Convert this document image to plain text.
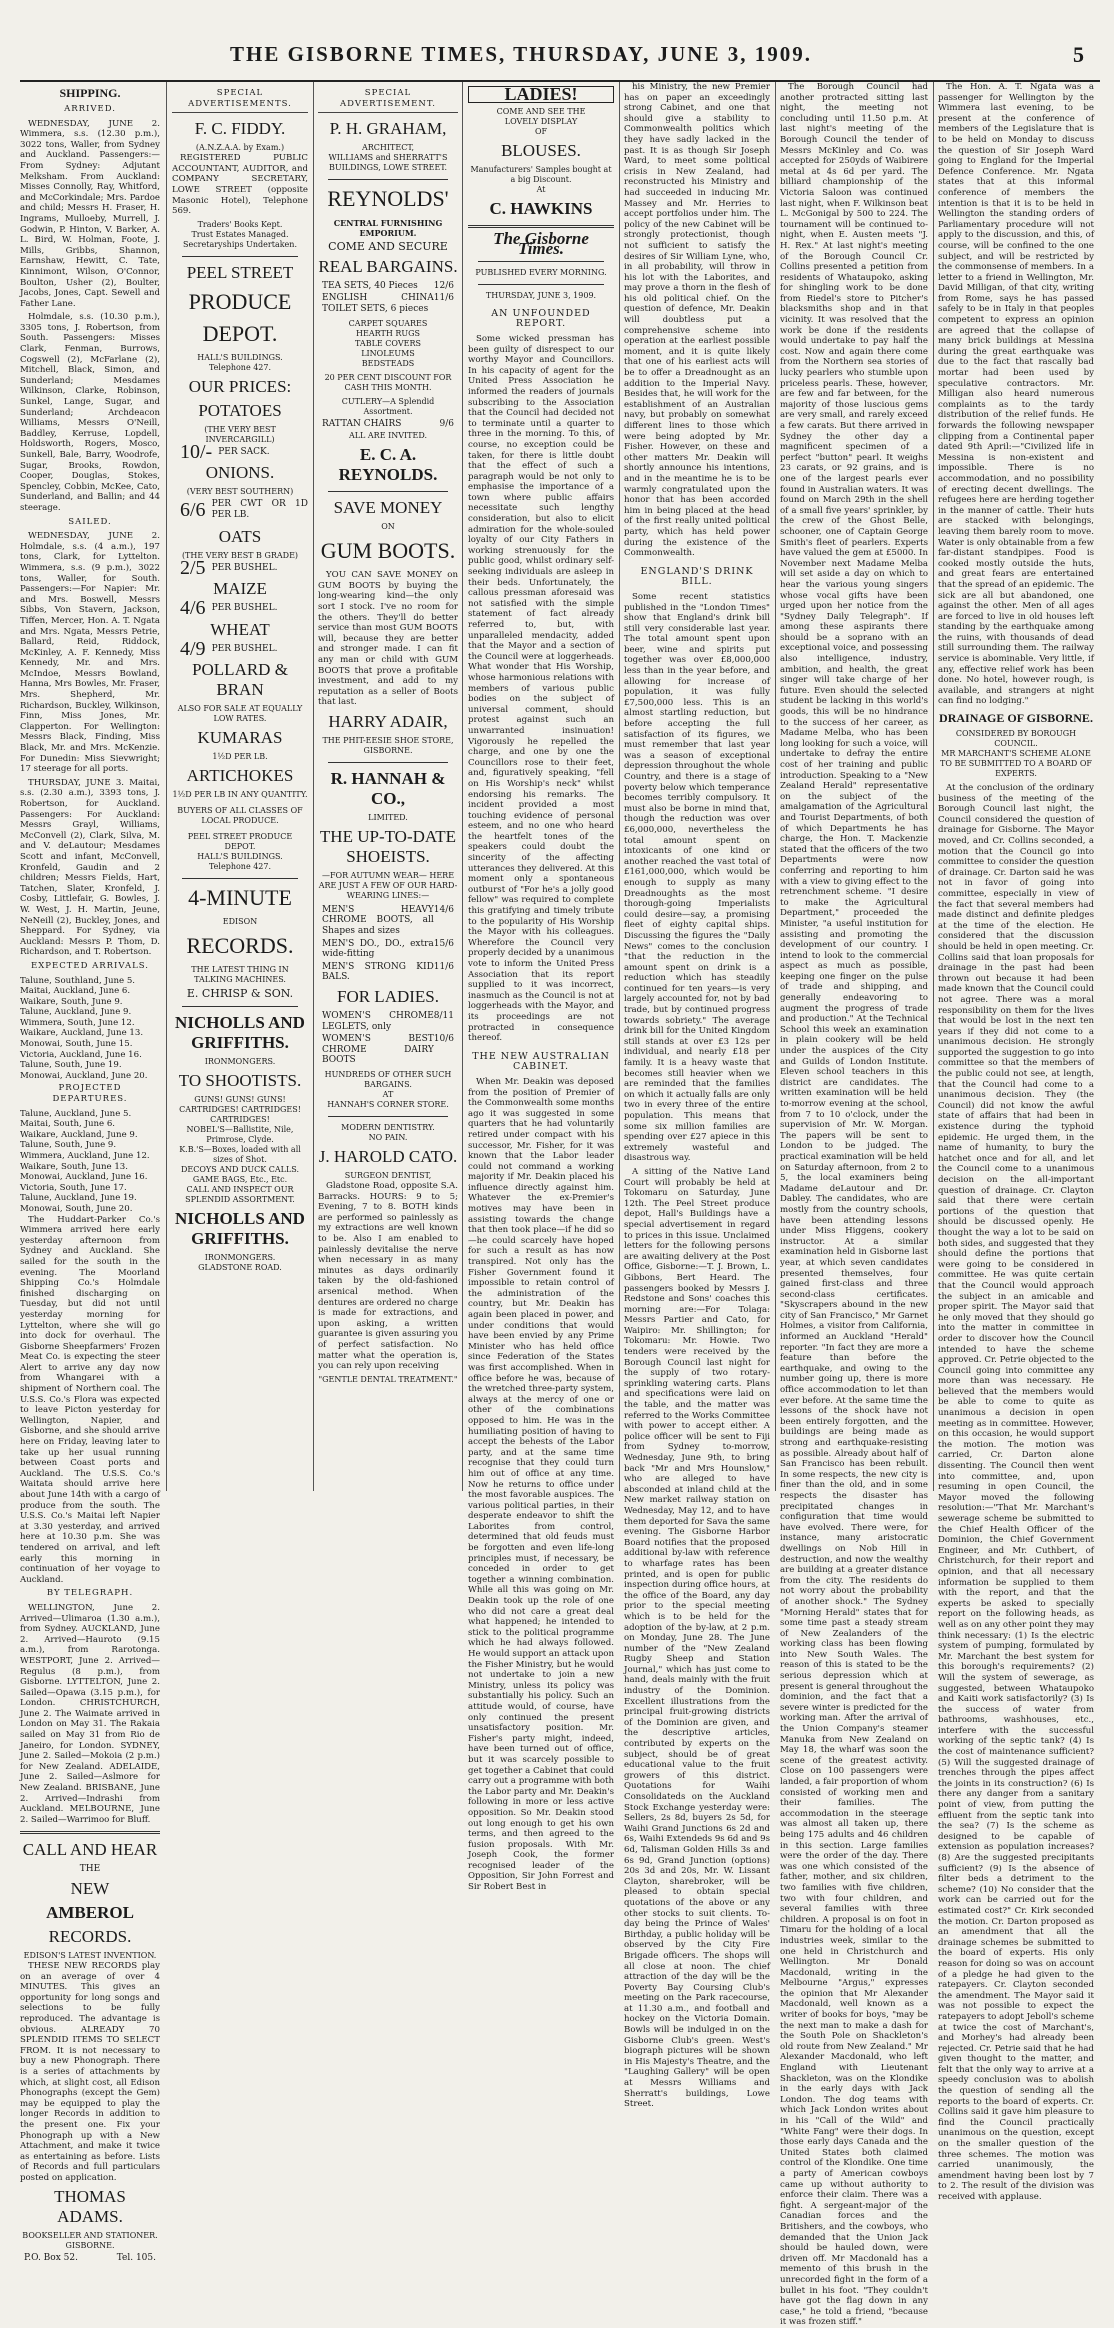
THE GISBORNE TIMES, THURSDAY, JUNE 3, 1909.	5
SHIPPING.
ARRIVED.

WEDNESDAY, JUNE 2. Wimmera, s.s. (12.30 p.m.), 3022 tons, Waller, from Sydney and Auckland. Passengers:—From Sydney: Adjutant Melksham. From Auckland: Misses Connolly, Ray, Whitford, and McCorkindale; Mrs. Pardoe and child; Messrs H. Fraser, H. Ingrams, Mulloeby, Murrell, J. Godwin, P. Hinton, V. Barker, A. L. Bird, W. Holman, Foote, J. Mills, Gribbs, Shannon, Earnshaw, Hewitt, C. Tate, Kinnimont, Wilson, O'Connor, Boulton, Usher (2), Boulter, Jacobs, Jones, Capt. Sewell and Father Lane.

Holmdale, s.s. (10.30 p.m.), 3305 tons, J. Robertson, from South. Passengers: Misses Clark, Fenman, Burrows, Cogswell (2), McFarlane (2), Mitchell, Black, Simon, and Sunderland; Mesdames Wilkinson, Clarke, Robinson, Sunkel, Lange, Sugar, and Sunderland; Archdeacon Williams, Messrs O'Neill, Baddley, Kerruse, Lopdell, Holdsworth, Rogers, Mosco, Sunkell, Bale, Barry, Woodrofe, Sugar, Brooks, Rowdon, Cooper, Douglas, Stokes, Spencley, Cobbin, McKee, Cato, Sunderland, and Ballin; and 44 steerage.

SAILED.

WEDNESDAY, JUNE 2. Holmdale, s.s. (4 a.m.), 197 tons, Clark, for Lyttelton. Wimmera, s.s. (9 p.m.), 3022 tons, Waller, for South. Passengers:—For Napier: Mr. and Mrs. Boswell, Messrs Sibbs, Von Stavern, Jackson, Tiffen, Mercer, Hon. A. T. Ngata and Mrs. Ngata, Messrs Petrie, Ballard, Reid, Riddock, McKinley, A. F. Kennedy, Miss Kennedy, Mr. and Mrs. McIndoe, Messrs Bowland, Hanna, Mrs Bowles, Mr. Fraser, Mrs. Shepherd, Mr. Richardson, Buckley, Wilkinson, Finn, Miss Jones, Mr. Clapperton. For Wellington: Messrs Black, Finding, Miss Black, Mr. and Mrs. McKenzie. For Dunedin: Miss Sievwright; 17 steerage for all ports.

THURSDAY, JUNE 3. Maitai, s.s. (2.30 a.m.), 3393 tons, J. Robertson, for Auckland. Passengers: For Auckland: Messrs Grayl, Williams, McConvell (2), Clark, Silva, M. and V. deLautour; Mesdames Scott and infant, McConvell, Kronfeld, Gaudin and 2 children; Messrs Fields, Hart, Tatchen, Slater, Kronfeld, J. Cosby, Littlefair, G. Bowles, J. W. West, J. H. Martin, Jeune, NeNeill (2), Buckley, Jones, and Sheppard. For Sydney, via Auckland: Messrs P. Thom, D. Richardson, and T. Robertson.

EXPECTED ARRIVALS.
Talune, Southland, June 5.
Maitai, Auckland, June 6.
Waikare, South, June 9.
Talune, Auckland, June 9.
Wimmera, South, June 12.
Waikare, Auckland, June 13.
Monowai, South, June 15.
Victoria, Auckland, June 16.
Talune, South, June 19.
Monowai, Auckland, June 20.
PROJECTED DEPARTURES.
Talune, Auckland, June 5.
Maitai, South, June 6.
Waikare, Auckland, June 9.
Talune, South, June 9.
Wimmera, Auckland, June 12.
Waikare, South, June 13.
Monowai, Auckland, June 16.
Victoria, South, June 17.
Talune, Auckland, June 19.
Monowai, South, June 20.

The Huddart-Parker Co.'s Wimmera arrived here early yesterday afternoon from Sydney and Auckland. She sailed for the south in the evening. The Moorland Shipping Co.'s Holmdale finished discharging on Tuesday, but did not until yesterday morning for Lyttelton, where she will go into dock for overhaul. The Gisborne Sheepfarmers' Frozen Meat Co. is expecting the steer Alert to arrive any day now from Whangarei with a shipment of Northern coal. The U.S.S. Co.'s Flora was expected to leave Picton yesterday for Wellington, Napier, and Gisborne, and she should arrive here on Friday, leaving later to take up her usual running between Coast ports and Auckland. The U.S.S. Co.'s Waitata should arrive here about June 14th with a cargo of produce from the south. The U.S.S. Co.'s Maitai left Napier at 3.30 yesterday, and arrived here at 10.30 p.m. She was tendered on arrival, and left early this morning in continuation of her voyage to Auckland.

BY TELEGRAPH.

WELLINGTON, June 2. Arrived—Ulimaroa (1.30 a.m.), from Sydney. AUCKLAND, June 2. Arrived—Hauroto (9.15 a.m.), from Rarotonga. WESTPORT, June 2. Arrived—Regulus (8 p.m.), from Gisborne. LYTTELTON, June 2. Sailed—Opawa (3.15 p.m.), for London. CHRISTCHURCH, June 2. The Waimate arrived in London on May 31. The Rakaia sailed on May 31 from Rio de Janeiro, for London. SYDNEY, June 2. Sailed—Mokoia (2 p.m.) for New Zealand. ADELAIDE, June 2. Sailed—Aslmore for New Zealand. BRISBANE, June 2. Arrived—Indrashi from Auckland. MELBOURNE, June 2. Sailed—Warrimoo for Bluff.

CALL AND HEAR
THE
NEW
AMBEROL
RECORDS.
EDISON'S LATEST INVENTION.

THESE NEW RECORDS play on an average of over 4 MINUTES. This gives an opportunity for long songs and selections to be fully reproduced. The advantage is obvious. ALREADY 70 SPLENDID ITEMS TO SELECT FROM. It is not necessary to buy a new Phonograph. There is a series of attachments by which, at slight cost, all Edison Phonographs (except the Gem) may be equipped to play the longer Records in addition to the present one. Fix your Phonograph up with a New Attachment, and make it twice as entertaining as before. Lists of Records and full particulars posted on application.

THOMAS ADAMS.
BOOKSELLER AND STATIONER.
GISBORNE.
P.O. Box 52.	Tel. 105.
SPECIAL ADVERTISEMENTS.
F. C. FIDDY.
(A.N.Z.A.A. by Exam.)

REGISTERED PUBLIC ACCOUNTANT, AUDITOR, and COMPANY SECRETARY, LOWE STREET (opposite Masonic Hotel), Telephone 569.

Traders' Books Kept.
Trust Estates Managed.
Secretaryships Undertaken.
PEEL STREET
PRODUCE
DEPOT.
HALL'S BUILDINGS.
Telephone 427.
OUR PRICES:
POTATOES
(THE VERY BEST INVERCARGILL)
10/- PER SACK.
ONIONS.
(VERY BEST SOUTHERN)
6/6 PER CWT OR 1D PER LB.
OATS
(THE VERY BEST B GRADE)
2/5 PER BUSHEL.
MAIZE
4/6 PER BUSHEL.
WHEAT
4/9 PER BUSHEL.
POLLARD & BRAN
ALSO FOR SALE AT EQUALLY LOW RATES.
KUMARAS
1½D PER LB.
ARTICHOKES
1½D PER LB IN ANY QUANTITY.
BUYERS OF ALL CLASSES OF LOCAL PRODUCE.
PEEL STREET PRODUCE DEPOT.
HALL'S BUILDINGS.
Telephone 427.
4-MINUTE
EDISON
RECORDS.
THE LATEST THING IN TALKING MACHINES.
E. CHRISP & SON.
NICHOLLS AND GRIFFITHS.
IRONMONGERS.
TO SHOOTISTS.
GUNS! GUNS! GUNS!
CARTRIDGES! CARTRIDGES! CARTRIDGES!
NOBEL'S—Ballistite, Nile, Primrose, Clyde.
K.B.'S—Boxes, loaded with all sizes of Shot.
DECOYS AND DUCK CALLS.
GAME BAGS, Etc., Etc.
CALL AND INSPECT OUR SPLENDID ASSORTMENT.
NICHOLLS AND GRIFFITHS.
IRONMONGERS.
GLADSTONE ROAD.
SPECIAL ADVERTISEMENT.
P. H. GRAHAM,
ARCHITECT,
WILLIAMS and SHERRATT'S BUILDINGS, LOWE STREET.
REYNOLDS'
CENTRAL FURNISHING EMPORIUM.
COME AND SECURE
REAL BARGAINS.
TEA SETS, 40 Pieces 12/6
ENGLISH CHINA TOILET SETS, 6 pieces
11/6
CARPET SQUARES
HEARTH RUGS
TABLE COVERS
LINOLEUMS
BEDSTEADS
20 PER CENT DISCOUNT FOR CASH THIS MONTH.
CUTLERY—A Splendid Assortment.
RATTAN CHAIRS	9/6
ALL ARE INVITED.
E. C. A. REYNOLDS.
SAVE MONEY
ON
GUM BOOTS.

YOU CAN SAVE MONEY on GUM BOOTS by buying the long-wearing kind—the only sort I stock. I've no room for the others. They'll do better service than most GUM BOOTS will, because they are better and stronger made. I can fit any man or child with GUM BOOTS that prove a profitable investment, and add to my reputation as a seller of Boots that last.

HARRY ADAIR,
THE PHIT-EESIE SHOE STORE, GISBORNE.
R. HANNAH & CO.,
LIMITED.
THE UP-TO-DATE SHOEISTS.
—FOR AUTUMN WEAR— HERE ARE JUST A FEW OF OUR HARD-WEARING LINES:—
MEN'S HEAVY CHROME BOOTS, all Shapes and sizes
14/6
MEN'S DO., DO., extra wide-fitting
15/6
MEN'S STRONG KID BALS.
11/6
FOR LADIES.
WOMEN'S CHROME LEGLETS, only
8/11
WOMEN'S BEST CHROME DAIRY BOOTS
10/6
HUNDREDS OF OTHER SUCH BARGAINS.
AT
HANNAH'S CORNER STORE.
MODERN DENTISTRY.
NO PAIN.
J. HAROLD CATO.
SURGEON DENTIST,

Gladstone Road, opposite S.A. Barracks. HOURS: 9 to 5; Evening, 7 to 8. BOTH kinds are performed so painlessly as my extractions are well known to be. Also I am enabled to painlessly devitalise the nerve when necessary in as many minutes as days ordinarily taken by the old-fashioned arsenical method. When dentures are ordered no charge is made for extractions, and upon asking, a written guarantee is given assuring you of perfect satisfaction. No matter what the operation is, you can rely upon receiving

"GENTLE DENTAL TREATMENT."
LADIES!
COME AND SEE THE
LOVELY DISPLAY
OF
BLOUSES.
Manufacturers' Samples bought at a big Discount.
At
C. HAWKINS
The Gisborne Times.
PUBLISHED EVERY MORNING.
THURSDAY, JUNE 3, 1909.
AN UNFOUNDED REPORT.

Some wicked pressman has been guilty of disrespect to our worthy Mayor and Councillors. In his capacity of agent for the United Press Association he informed the readers of journals subscribing to the Association that the Council had decided not to terminate until a quarter to three in the morning. To this, of course, no exception could be taken, for there is little doubt that the effect of such a paragraph would be not only to emphasise the importance of a town where public affairs necessitate such lengthy consideration, but also to elicit admiration for the whole-souled loyalty of our City Fathers in working strenuously for the public good, whilst ordinary self-seeking individuals are asleep in their beds. Unfortunately, the callous pressman aforesaid was not satisfied with the simple statement of fact already referred to, but, with unparalleled mendacity, added that the Mayor and a section of the Council were at loggerheads. What wonder that His Worship, whose harmonious relations with members of various public bodies on the subject of universal comment, should protest against such an unwarranted insinuation! Vigorously he repelled the charge, and one by one the Councillors rose to their feet, and, figuratively speaking, "fell on His Worship's neck" whilst endorsing his remarks. The incident provided a most touching evidence of personal esteem, and no one who heard the heartfelt tones of the speakers could doubt the sincerity of the affecting utterances they delivered. At this moment only a spontaneous outburst of "For he's a jolly good fellow" was required to complete this gratifying and timely tribute to the popularity of His Worship the Mayor with his colleagues. Wherefore the Council very properly decided by a unanimous vote to inform the United Press Association that its report supplied to it was incorrect, inasmuch as the Council is not at loggerheads with the Mayor, and its proceedings are not protracted in consequence thereof.

THE NEW AUSTRALIAN CABINET.

When Mr. Deakin was deposed from the position of Premier of the Commonwealth some months ago it was suggested in some quarters that he had voluntarily retired under compact with his successor, Mr. Fisher, for it was known that the Labor leader could not command a working majority if Mr. Deakin placed his influence directly against him. Whatever the ex-Premier's motives may have been in assisting towards the change that then took place—if he did so—he could scarcely have hoped for such a result as has now transpired. Not only has the Fisher Government found it impossible to retain control of the administration of the country, but Mr. Deakin has again been placed in power, and under conditions that would have been envied by any Prime Minister who has held office since Federation of the States was first accomplished. When in office before he was, because of the wretched three-party system, always at the mercy of one or other of the combinations opposed to him. He was in the humiliating position of having to accept the behests of the Labor party, and at the same time recognise that they could turn him out of office at any time. Now he returns to office under the most favorable auspices. The various political parties, in their desperate endeavor to shift the Laborites from control, determined that old feuds must be forgotten and even life-long principles must, if necessary, be conceded in order to get together a winning combination. While all this was going on Mr. Deakin took up the role of one who did not care a great deal what happened; he intended to stick to the political programme which he had always followed. He would support an attack upon the Fisher Ministry, but he would not undertake to join a new Ministry, unless its policy was substantially his policy. Such an attitude would, of course, have only continued the present unsatisfactory position. Mr. Fisher's party might, indeed, have been turned out of office, but it was scarcely possible to get together a Cabinet that could carry out a programme with both the Labor party and Mr. Deakin's following in more or less active opposition. So Mr. Deakin stood out long enough to get his own terms, and then agreed to the fusion proposals. With Mr. Joseph Cook, the former recognised leader of the Opposition, Sir John Forrest and Sir Robert Best in

his Ministry, the new Premier has on paper an exceedingly strong Cabinet, and one that should give a stability to Commonwealth politics which they have sadly lacked in the past. It is as though Sir Joseph Ward, to meet some political crisis in New Zealand, had reconstructed his Ministry and had succeeded in inducing Mr. Massey and Mr. Herries to accept portfolios under him. The policy of the new Cabinet will be strongly protectionist, though not sufficient to satisfy the desires of Sir William Lyne, who, in all probability, will throw in his lot with the Laborites, and may prove a thorn in the flesh of his old political chief. On the question of defence, Mr. Deakin will doubtless put a comprehensive scheme into operation at the earliest possible moment, and it is quite likely that one of his earliest acts will be to offer a Dreadnought as an addition to the Imperial Navy. Besides that, he will work for the establishment of an Australian navy, but probably on somewhat different lines to those which were being adopted by Mr. Fisher. However, on these and other matters Mr. Deakin will shortly announce his intentions, and in the meantime he is to be warmly congratulated upon the honor that has been accorded him in being placed at the head of the first really united political party, which has held power during the existence of the Commonwealth.

ENGLAND'S DRINK BILL.

Some recent statistics published in the "London Times" show that England's drink bill still very considerable last year. The total amount spent upon beer, wine and spirits put together was over £8,000,000 less than in the year before, and allowing for increase of population, it was fully £7,500,000 less. This is an almost startling reduction, but before accepting the full satisfaction of its figures, we must remember that last year was a season of exceptional depression throughout the whole Country, and there is a stage of poverty below which temperance becomes terribly compulsory. It must also be borne in mind that, though the reduction was over £6,000,000, nevertheless the total amount spent on intoxicants of one kind or another reached the vast total of £161,000,000, which would be enough to supply as many Dreadnoughts as the most thorough-going Imperialists could desire—say, a promising fleet of eighty capital ships. Discussing the figures the "Daily News" comes to the conclusion "that the reduction in the amount spent on drink is a reduction which has steadily continued for ten years—is very largely accounted for, not by bad trade, but by continued progress towards sobriety." The average drink bill for the United Kingdom still stands at over £3 12s per individual, and nearly £18 per family. It is a heavy waste that becomes still heavier when we are reminded that the families on which it actually falls are only two in every three of the entire population. This means that some six million families are spending over £27 apiece in this extremely wasteful and disastrous way.

A sitting of the Native Land Court will probably be held at Tokomaru on Saturday, June 12th. The Peel Street produce depot, Hall's Buildings have a special advertisement in regard to prices in this issue. Unclaimed letters for the following persons are awaiting delivery at the Post Office, Gisborne:—T. J. Brown, L. Gibbons, Bert Heard. The passengers booked by Messrs J. Redstone and Sons' coaches this morning are:—For Tolaga: Messrs Partier and Cato, for Waipiro: Mr. Shillington; for Tokomaru: Mr. Howie. Two tenders were received by the Borough Council last night for the supply of two rotary-sprinkling watering carts. Plans and specifications were laid on the table, and the matter was referred to the Works Committee with power to accept either. A police officer will be sent to Fiji from Sydney to-morrow, Wednesday, June 9th, to bring back "Mr and Mrs Hounslow," who are alleged to have absconded at inland child at the New market railway station on Wednesday, May 12, and to have them deported for Sava the same evening. The Gisborne Harbor Board notifies that the proposed additional by-law with reference to wharfage rates has been printed, and is open for public inspection during office hours, at the office of the Board, any day prior to the special meeting which is to be held for the adoption of the by-law, at 2 p.m. on Monday, June 28. The June number of the "New Zealand Rugby Sheep and Station Journal," which has just come to hand, deals mainly with the fruit industry of the Dominion. Excellent illustrations from the principal fruit-growing districts of the Dominion are given, and the descriptive articles, contributed by experts on the subject, should be of great educational value to the fruit growers of this district. Quotations for Waihi Consolidateds on the Auckland Stock Exchange yesterday were: Sellers, 2s 8d, buyers 2s 5d, for Waihi Grand Junctions 6s 2d and 6s, Waihi Extendeds 9s 6d and 9s 6d, Talisman Golden Hills 3s and 6s 9d, Grand Junction (options) 20s 3d and 20s, Mr. W. Lissant Clayton, sharebroker, will be pleased to obtain special quotations of the above or any other stocks to suit clients. To-day being the Prince of Wales' Birthday, a public holiday will be observed by the City Fire Brigade officers. The shops will all close at noon. The chief attraction of the day will be the Poverty Bay Coursing Club's meeting on the Park racecourse, at 11.30 a.m., and football and hockey on the Victoria Domain. Bowls will be indulged in on the Gisborne Club's green. West's biograph pictures will be shown in His Majesty's Theatre, and the "Laughing Gallery" will be open at Messrs Williams and Sherratt's buildings, Lowe Street.

The Borough Council had another protracted sitting last night, the meeting not concluding until 11.50 p.m. At last night's meeting of the Borough Council the tender of Messrs McKinley and Co. was accepted for 250yds of Waibirere metal at 4s 6d per yard. The billiard championship of the Victoria Saloon was continued last night, when F. Wilkinson beat L. McGonigal by 500 to 224. The tournament will be continued to-night, when E. Austen meets "J. H. Rex." At last night's meeting of the Borough Council Cr. Collins presented a petition from residents of Whataupoko, asking for shingling work to be done from Riedel's store to Pitcher's blacksmiths shop and in that vicinity. It was resolved that the work be done if the residents would undertake to pay half the cost. Now and again there come from the Northern sea stories of lucky pearlers who stumble upon priceless pearls. These, however, are few and far between, for the majority of those luscious gems are very small, and rarely exceed a few carats. But there arrived in Sydney the other day a magnificent specimen of a perfect "button" pearl. It weighs 23 carats, or 92 grains, and is one of the largest pearls ever found in Australian waters. It was found on March 29th in the shell of a small five years' sprinkler, by the crew of the Ghost Belle, schooner, one of Captain George Smith's fleet of pearlers. Experts have valued the gem at £5000. In November next Madame Melba will set aside a day on which to hear the various young singers whose vocal gifts have been urged upon her notice from the "Sydney Daily Telegraph". If among these aspirants there should be a soprano with an exceptional voice, and possessing also intelligence, industry, ambition, and health, the great singer will take charge of her future. Even should the selected student be lacking in this world's goods, this will be no hindrance to the success of her career, as Madame Melba, who has been long looking for such a voice, will undertake to defray the entire cost of her training and public introduction. Speaking to a "New Zealand Herald" representative on the subject of the amalgamation of the Agricultural and Tourist Departments, of both of which Departments he has charge, the Hon. T. Mackenzie stated that the officers of the two Departments were now conferring and reporting to him with a view to giving effect to the retrenchment scheme. "I desire to make the Agricultural Department," proceeded the Minister, "a useful institution for assisting and promoting the development of our country. I intend to look to the commercial aspect as much as possible, keeping one finger on the pulse of trade and shipping, and generally endeavoring to augment the progress of trade and production." At the Technical School this week an examination in plain cookery will be held under the auspices of the City and Guilds of London Institute. Eleven school teachers in this district are candidates. The written examination will be held to-morrow evening at the school, from 7 to 10 o'clock, under the supervision of Mr. W. Morgan. The papers will be sent to London to be judged. The practical examination will be held on Saturday afternoon, from 2 to 5, the local examiners being Madame deLautour and Dr. Dabley. The candidates, who are mostly from the country schools, have been attending lessons under Miss Higgens, cookery instructor. At a similar examination held in Gisborne last year, at which seven candidates presented themselves, four gained first-class and three second-class certificates. "Skyscrapers abound in the new city of San Francisco," Mr Garnet Holmes, a visitor from California, informed an Auckland "Herald" reporter. "In fact they are more a feature than before the earthquake, and owing to the number going up, there is more office accommodation to let than ever before. At the same time the lessons of the shock have not been entirely forgotten, and the buildings are being made as strong and earthquake-resisting as possible. Already about half of San Francisco has been rebuilt. In some respects, the new city is finer than the old, and in some respects the disaster has precipitated changes in configuration that time would have evolved. There were, for instance, many aristocratic dwellings on Nob Hill in destruction, and now the wealthy are building at a greater distance from the city. The residents do not worry about the probability of another shock." The Sydney "Morning Herald" states that for some time past a steady stream of New Zealanders of the working class has been flowing into New South Wales. The reason of this is stated to be the serious depression which at present is general throughout the dominion, and the fact that a severe winter is predicted for the working man. After the arrival of the Union Company's steamer Manuka from New Zealand on May 18, the wharf was soon the scene of the greatest activity. Close on 100 passengers were landed, a fair proportion of whom consisted of working men and their families. The accommodation in the steerage was almost all taken up, there being 175 adults and 46 children in this section. Large families were the order of the day. There was one which consisted of the father, mother, and six children, two families with five children, two with four children, and several families with three children. A proposal is on foot in Timaru for the holding of a local industries week, similar to the one held in Christchurch and Wellington. Mr Donald Macdonald, writing in the Melbourne "Argus," expresses the opinion that Mr Alexander Macdonald, well known as a writer of books for boys, "may be the next man to make a dash for the South Pole on Shackleton's old route from New Zealand." Mr Alexander Macdonald, who left England with Lieutenant Shackleton, was on the Klondike in the early days with Jack London. The dog teams with which Jack London writes about in his "Call of the Wild" and "White Fang" were their dogs. In those early days Canada and the United States both claimed control of the Klondike. One time a party of American cowboys came up without authority to enforce their claim. There was a fight. A sergeant-major of the Canadian forces and the Britishers, and the cowboys, who demanded that the Union Jack should be hauled down, were driven off. Mr Macdonald has a memento of this brush in the unrecorded fight in the form of a bullet in his foot. "They couldn't have got the flag down in any case," he told a friend, "because it was frozen stiff."

The Hon. A. T. Ngata was a passenger for Wellington by the Wimmera last evening, to be present at the conference of members of the Legislature that is to be held on Monday to discuss the question of Sir Joseph Ward going to England for the Imperial Defence Conference. Mr. Ngata states that at this informal conference of members the intention is that it is to be held in Wellington the standing orders of Parliamentary procedure will not apply to the discussion, and this, of course, will be confined to the one subject, and will be restricted by the commonsense of members. In a letter to a friend in Wellington, Mr. David Milligan, of that city, writing from Rome, says he has passed safely to be in Italy in that peoples competent to express an opinion are agreed that the collapse of many brick buildings at Messina during the great earthquake was due to the fact that rascally bad mortar had been used by speculative contractors. Mr. Milligan also heard numerous complaints as to the tardy distribution of the relief funds. He forwards the following newspaper clipping from a Continental paper dated 9th April:—"Civilized life in Messina is non-existent and impossible. There is no accommodation, and no possibility of erecting decent dwellings. The refugees here are herding together in the manner of cattle. Their huts are stacked with belongings, leaving them barely room to move. Water is only obtainable from a few far-distant standpipes. Food is cooked mostly outside the huts, and great fears are entertained that the spread of an epidemic. The sick are all but abandoned, one against the other. Men of all ages are forced to live in old houses left standing by the earthquake among the ruins, with thousands of dead still surrounding them. The railway service is abominable. Very little, if any, effective relief work has been done. No hotel, however rough, is available, and strangers at night can find no lodging."

DRAINAGE OF GISBORNE.
CONSIDERED BY BOROUGH COUNCIL.
MR MARCHANT'S SCHEME ALONE TO BE SUBMITTED TO A BOARD OF EXPERTS.

At the conclusion of the ordinary business of the meeting of the Borough Council last night, the Council considered the question of drainage for Gisborne. The Mayor moved, and Cr. Collins seconded, a motion that the Council go into committee to consider the question of drainage. Cr. Darton said he was not in favor of going into committee, especially in view of the fact that several members had made distinct and definite pledges at the time of the election. He considered that the discussion should be held in open meeting. Cr. Collins said that loan proposals for drainage in the past had been thrown out because it had been made known that the Council could not agree. There was a moral responsibility on them for the lives that would be lost in the next ten years if they did not come to a unanimous decision. He strongly supported the suggestion to go into committee so that the members of the public could not see, at length, that the Council had come to a unanimous decision. They (the Council) did not know the awful state of affairs that had been in existence during the typhoid epidemic. He urged them, in the name of humanity, to bury the hatchet once and for all, and let the Council come to a unanimous decision on the all-important question of drainage. Cr. Clayton said that there were certain portions of the question that should be discussed openly. He thought the way a lot to be said on both sides, and suggested that they should define the portions that were going to be considered in committee. He was quite certain that the Council would approach the subject in an amicable and proper spirit. The Mayor said that he only moved that they should go into the matter in committee in order to discover how the Council intended to have the scheme approved. Cr. Petrie objected to the Council going into committee any more than was necessary. He believed that the members would be able to come to quite as unanimous a decision in open meeting as in committee. However, on this occasion, he would support the motion. The motion was carried, Cr. Darton alone dissenting. The Council then went into committee, and, upon resuming in open Council, the Mayor moved the following resolution:—"That Mr. Marchant's sewerage scheme be submitted to the Chief Health Officer of the Dominion, the Chief Government Engineer, and Mr. Cuthbert, of Christchurch, for their report and opinion, and that all necessary information be supplied to them with the report, and that the experts be asked to specially report on the following heads, as well as on any other point they may think necessary: (1) Is the electric system of pumping, formulated by Mr. Marchant the best system for this borough's requirements? (2) Will the system of sewerage, as suggested, between Whataupoko and Kaiti work satisfactorily? (3) Is the success of water from bathrooms, washhouses, etc., interfere with the successful working of the septic tank? (4) Is the cost of maintenance sufficient? (5) Will the suggested drainage of trenches through the pipes affect the joints in its construction? (6) Is there any danger from a sanitary point of view, from putting the effluent from the septic tank into the sea? (7) Is the scheme as designed to be capable of extension as population increases? (8) Are the suggested precipitants sufficient? (9) Is the absence of filter beds a detriment to the scheme? (10) No consider that the work can be carried out for the estimated cost?" Cr. Kirk seconded the motion. Cr. Darton proposed as an amendment that all the drainage schemes be submitted to the board of experts. His only reason for doing so was on account of a pledge he had given to the ratepayers. Cr. Clayton seconded the amendment. The Mayor said it was not possible to expect the ratepayers to adopt Jeboll's scheme at twice the cost of Marchant's, and Morhey's had already been rejected. Cr. Petrie said that he had given thought to the matter, and felt that the only way to arrive at a speedy conclusion was to abolish the question of sending all the reports to the board of experts. Cr. Collins said it gave him pleasure to find the Council practically unanimous on the question, except on the smaller question of the three schemes. The motion was carried unanimously, the amendment having been lost by 7 to 2. The result of the division was received with applause.
